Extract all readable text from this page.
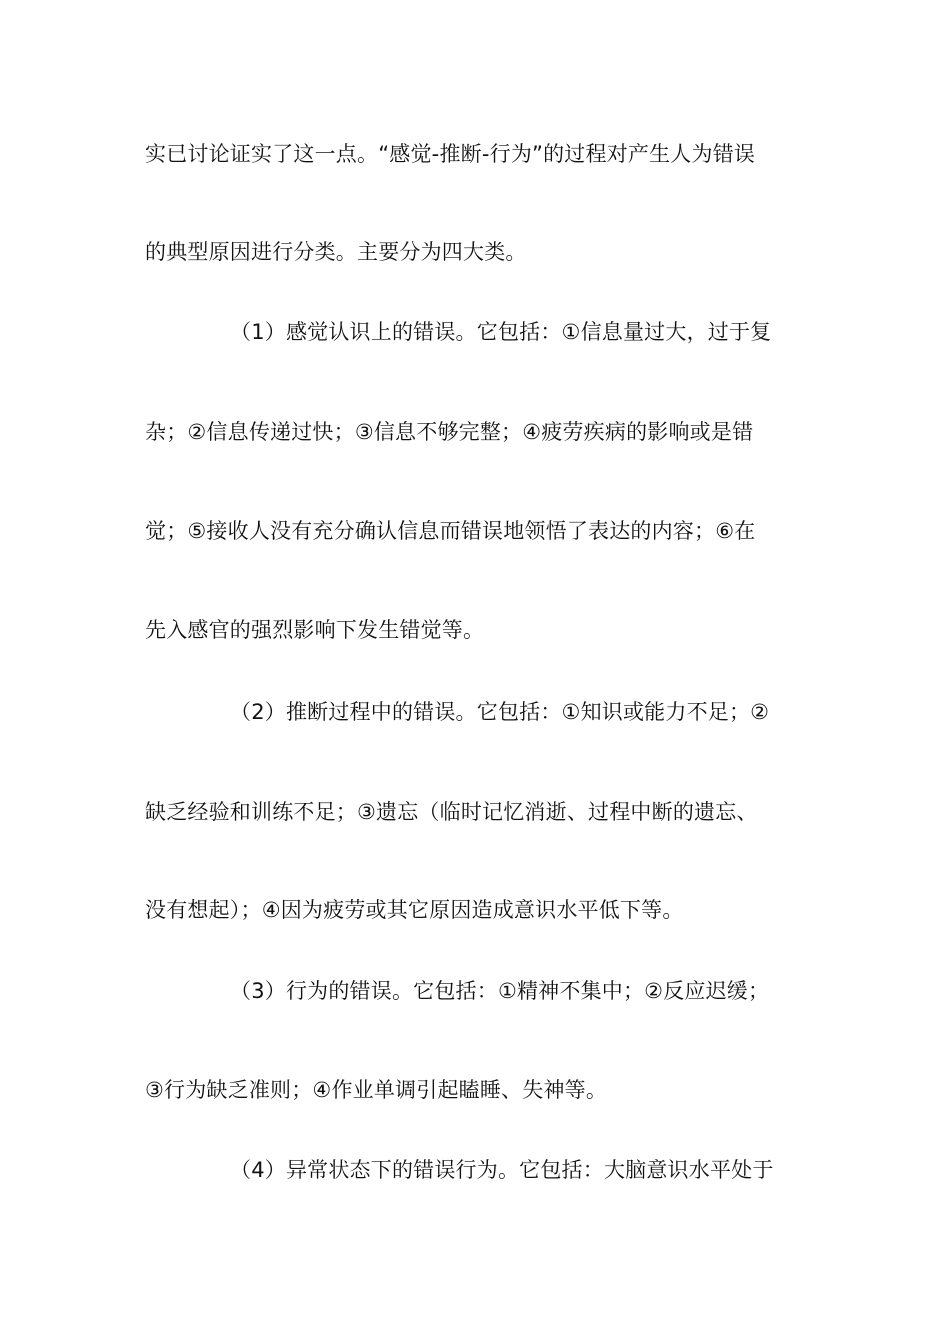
实已讨论证实了这一点。“感觉-推断-行为”的过程对产生人为错误
的典型原因进行分类。主要分为四大类。
（1）感觉认识上的错误。它包括：①信息量过大，过于复
杂；②信息传递过快；③信息不够完整；④疲劳疾病的影响或是错
觉；⑤接收人没有充分确认信息而错误地领悟了表达的内容；⑥在
先入感官的强烈影响下发生错觉等。
（2）推断过程中的错误。它包括：①知识或能力不足；②
缺乏经验和训练不足；③遗忘（临时记忆消逝、过程中断的遗忘、
没有想起）；④因为疲劳或其它原因造成意识水平低下等。
（3）行为的错误。它包括：①精神不集中；②反应迟缓；
③行为缺乏准则；④作业单调引起瞌睡、失神等。
（4）异常状态下的错误行为。它包括：大脑意识水平处于
